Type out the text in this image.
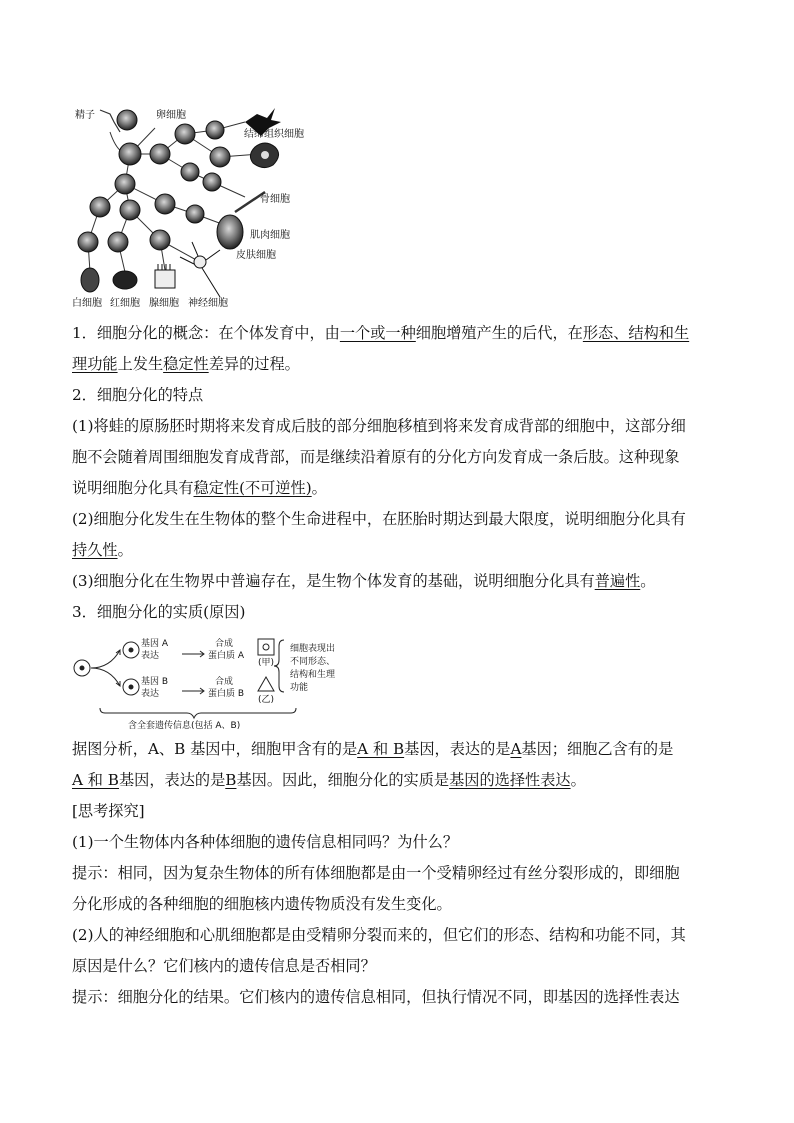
精子	卵细胞
结缔组织细胞
骨细胞
肌肉细胞
皮肤细胞
白细胞 红细胞 腺细胞 神经细胞

1．细胞分化的概念：在个体发育中，由一个或一种细胞增殖产生的后代，在形态、结构和生

理功能上发生稳定性差异的过程。

2．细胞分化的特点

(1)将蛙的原肠胚时期将来发育成后肢的部分细胞移植到将来发育成背部的细胞中，这部分细

胞不会随着周围细胞发育成背部，而是继续沿着原有的分化方向发育成一条后肢。这种现象

说明细胞分化具有稳定性(不可逆性)。

(2)细胞分化发生在生物体的整个生命进程中，在胚胎时期达到最大限度，说明细胞分化具有

持久性。

(3)细胞分化在生物界中普遍存在，是生物个体发育的基础，说明细胞分化具有普遍性。

3．细胞分化的实质(原因)

基因 A
表达
合成
蛋白质 A
(甲)
基因 B
表达
合成
蛋白质 B
(乙)
细胞表现出
不同形态、
结构和生理
功能
含全套遗传信息(包括 A、B)

据图分析，A、B 基因中，细胞甲含有的是A 和 B基因，表达的是A基因；细胞乙含有的是

A 和 B基因，表达的是B基因。因此，细胞分化的实质是基因的选择性表达。

[思考探究]

(1)一个生物体内各种体细胞的遗传信息相同吗？为什么？

提示：相同，因为复杂生物体的所有体细胞都是由一个受精卵经过有丝分裂形成的，即细胞

分化形成的各种细胞的细胞核内遗传物质没有发生变化。

(2)人的神经细胞和心肌细胞都是由受精卵分裂而来的，但它们的形态、结构和功能不同，其

原因是什么？它们核内的遗传信息是否相同？

提示：细胞分化的结果。它们核内的遗传信息相同，但执行情况不同，即基因的选择性表达
